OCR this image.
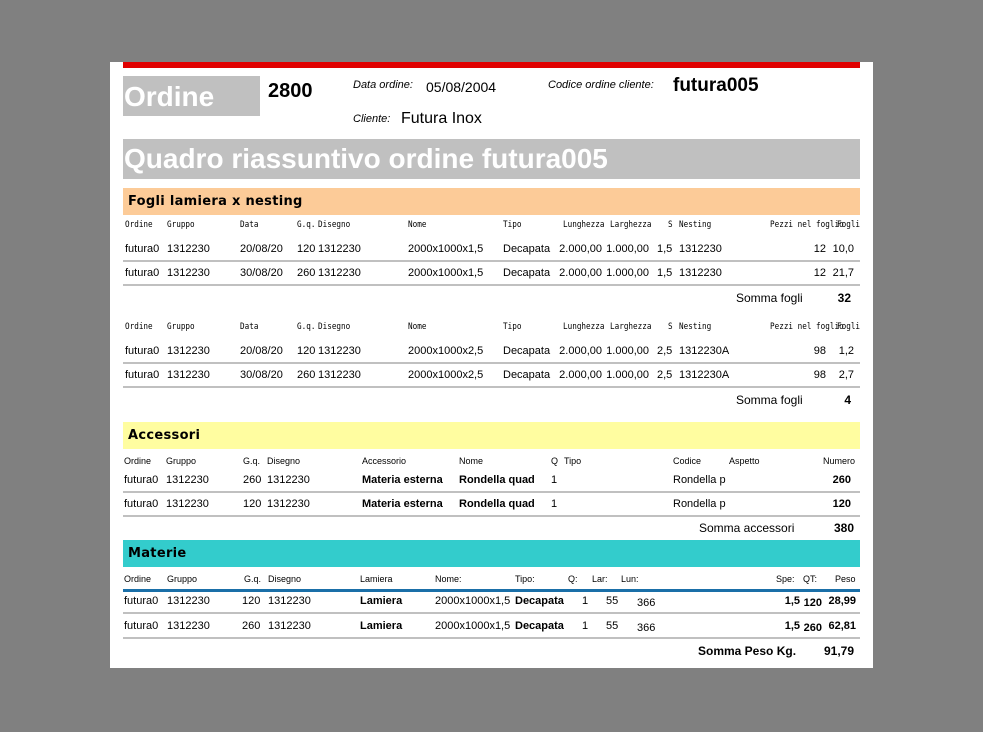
Ordine	2800	Data ordine: 05/08/2004	Codice ordine cliente: futura005
Cliente: Futura Inox
Quadro riassuntivo ordine futura005
Fogli lamiera x nesting
Ordine Gruppo	Data	G.q. Disegno	Nome	Tipo	Lunghezza Larghezza S Nesting	Pezzi nel foglio
Fogli
futura0 1312230	20/08/20 120 1312230	2000x1000x1,5 Decapata 2.000,00 1.000,00 1,5 1312230	12 10,0
futura0 1312230	30/08/20 260 1312230	2000x1000x1,5 Decapata 2.000,00 1.000,00 1,5 1312230	12 21,7
Somma fogli	32
Ordine Gruppo	Data	G.q. Disegno	Nome	Tipo	Lunghezza Larghezza S Nesting	Pezzi nel foglio
Fogli
futura0 1312230	20/08/20 120 1312230	2000x1000x2,5 Decapata 2.000,00 1.000,00 2,5 1312230A	98	1,2
futura0 1312230	30/08/20 260 1312230	2000x1000x2,5 Decapata 2.000,00 1.000,00 2,5 1312230A	98	2,7
Somma fogli	4
Accessori
Ordine Gruppo	G.q. Disegno	Accessorio	Nome	Q Tipo	Codice	Aspetto	Numero
futura0 1312230	260 1312230	Materia esterna Rondella quad 1	Rondella p	260
futura0 1312230	120 1312230	Materia esterna Rondella quad 1	Rondella p	120
Somma accessori	380
Materie
Ordine Gruppo	G.q. Disegno	Lamiera	Nome:	Tipo:	Q: Lar: Lun:	Spe: QT: Peso
futura0 1312230	120 1312230	Lamiera	2000x1000x1,5 Decapata 1 55 366	1,5 120 28,99
futura0 1312230	260 1312230	Lamiera	2000x1000x1,5 Decapata 1 55 366	1,5 260 62,81
Somma Peso Kg.	91,79
